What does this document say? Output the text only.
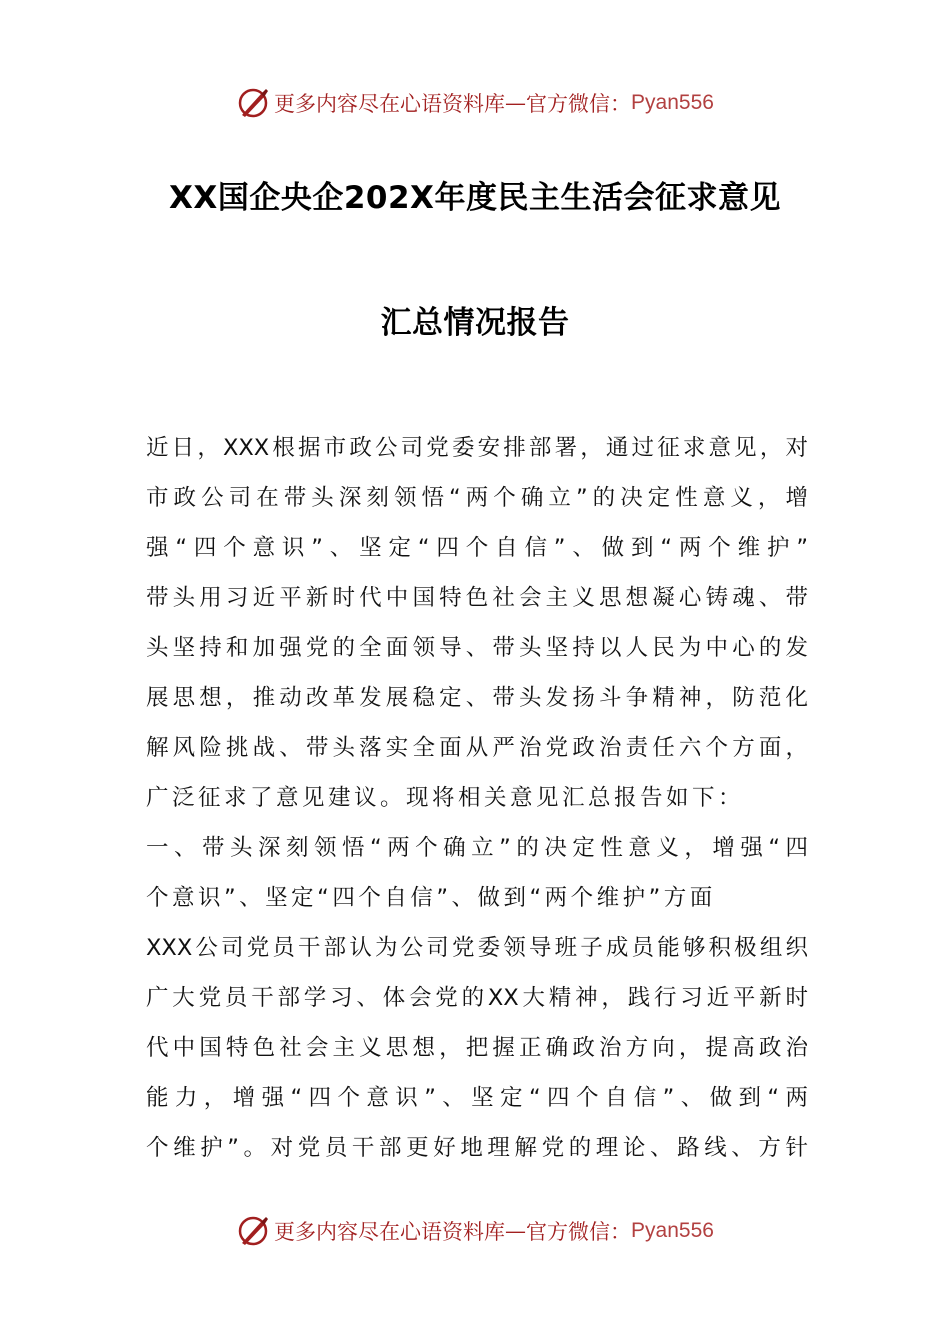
更多内容尽在心语资料库 — 官方微信： Pyan556
XX国企央企202X年度民主生活会征求意见
汇总情况报告
近日，XXX根据市政公司党委安排部署，通过征求意见，对
市政公司在带头深刻领悟“两个确立”的决定性意义，增
强“四个意识”、坚定“四个自信”、做到“两个维护”
带头用习近平新时代中国特色社会主义思想凝心铸魂、带
头坚持和加强党的全面领导、带头坚持以人民为中心的发
展思想，推动改革发展稳定、带头发扬斗争精神，防范化
解风险挑战、带头落实全面从严治党政治责任六个方面，
广泛征求了意见建议。现将相关意见汇总报告如下：
一、带头深刻领悟“两个确立”的决定性意义，增强“四
个意识”、坚定“四个自信”、做到“两个维护”方面
XXX公司党员干部认为公司党委领导班子成员能够积极组织
广大党员干部学习、体会党的XX大精神，践行习近平新时
代中国特色社会主义思想，把握正确政治方向，提高政治
能力，增强“四个意识”、坚定“四个自信”、做到“两
个维护”。对党员干部更好地理解党的理论、路线、方针
更多内容尽在心语资料库 — 官方微信： Pyan556
